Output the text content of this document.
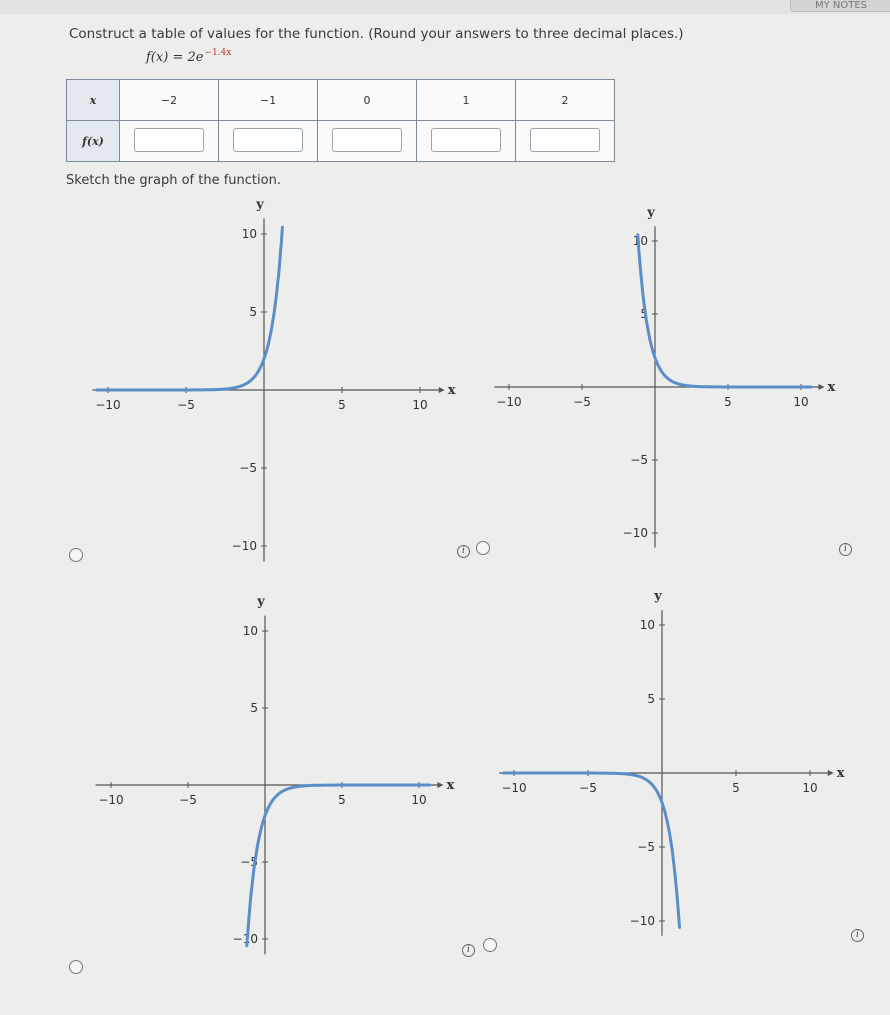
MY NOTES
Construct a table of values for the function. (Round your answers to three decimal places.)
$f(x) = 2e^{-1.4x}$
x	−2	−1	0	1	2
f(x)					
Sketch the graph of the function.
x
y
−10	−5	5	10
10
5
−5
−10
x
y
−10	−5	5	10
10
5
−5
−10
x
y
−10	−5	5	10
10
5
−5
−10
x
y
−10	−5	5	10
10
5
−5
−10
i	i
i
i
